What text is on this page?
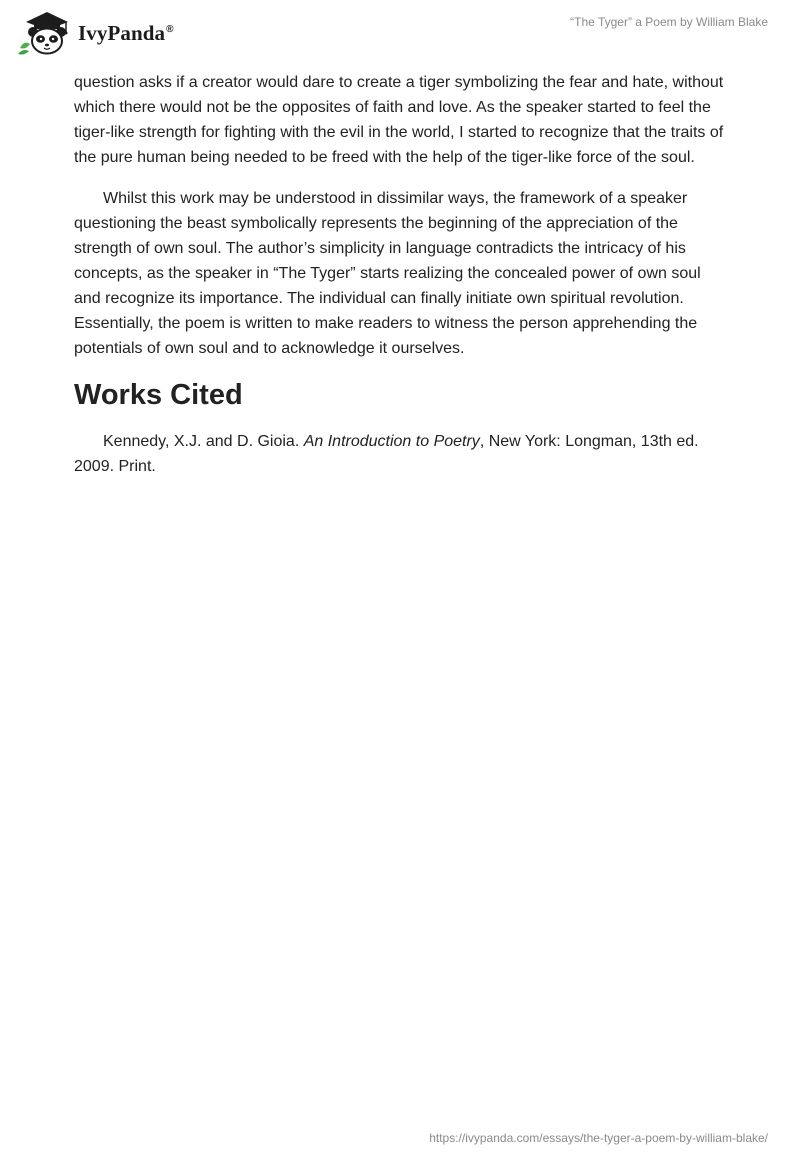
IvyPanda®	“The Tyger” a Poem by William Blake

question asks if a creator would dare to create a tiger symbolizing the fear and hate, without which there would not be the opposites of faith and love. As the speaker started to feel the tiger-like strength for fighting with the evil in the world, I started to recognize that the traits of the pure human being needed to be freed with the help of the tiger-like force of the soul.

Whilst this work may be understood in dissimilar ways, the framework of a speaker questioning the beast symbolically represents the beginning of the appreciation of the strength of own soul. The author’s simplicity in language contradicts the intricacy of his concepts, as the speaker in “The Tyger” starts realizing the concealed power of own soul and recognize its importance. The individual can finally initiate own spiritual revolution. Essentially, the poem is written to make readers to witness the person apprehending the potentials of own soul and to acknowledge it ourselves.

Works Cited

Kennedy, X.J. and D. Gioia. An Introduction to Poetry, New York: Longman, 13th ed. 2009. Print.

https://ivypanda.com/essays/the-tyger-a-poem-by-william-blake/
